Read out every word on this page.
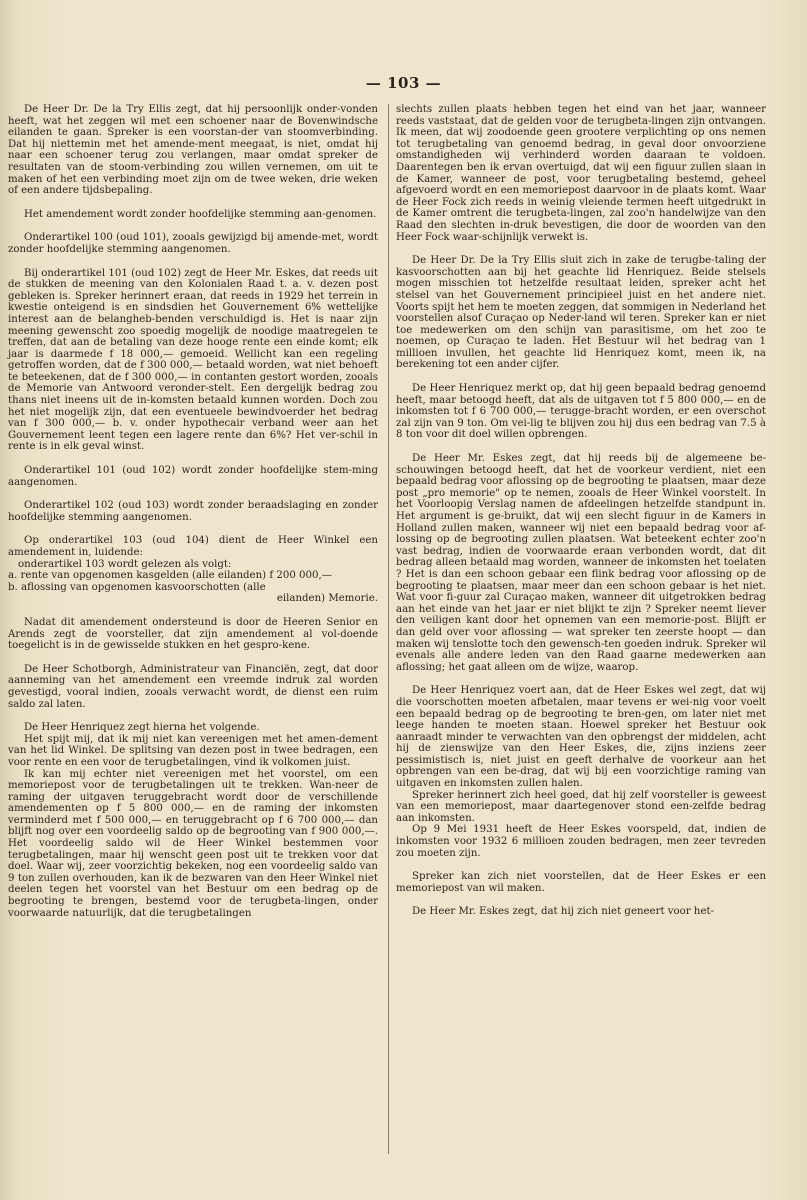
— 103 —

De Heer Dr. De la Try Ellis zegt, dat hij persoonlijk onder-vonden heeft, wat het zeggen wil met een schoener naar de Bovenwindsche eilanden te gaan. Spreker is een voorstan-der van stoomverbinding. Dat hij niettemin met het amende-ment meegaat, is niet, omdat hij naar een schoener terug zou verlangen, maar omdat spreker de resultaten van de stoom-verbinding zou willen vernemen, om uit te maken of het een verbinding moet zijn om de twee weken, drie weken of een andere tijdsbepaling.

Het amendement wordt zonder hoofdelijke stemming aan-genomen.

Onderartikel 100 (oud 101), zooals gewijzigd bij amende-met, wordt zonder hoofdelijke stemming aangenomen.

Bij onderartikel 101 (oud 102) zegt de Heer Mr. Eskes, dat reeds uit de stukken de meening van den Kolonialen Raad t. a. v. dezen post gebleken is. Spreker herinnert eraan, dat reeds in 1929 het terrein in kwestie onteigend is en sindsdien het Gouvernement 6% wettelijke interest aan de belangheb-benden verschuldigd is. Het is naar zijn meening gewenscht zoo spoedig mogelijk de noodige maatregelen te treffen, dat aan de betaling van deze hooge rente een einde komt; elk jaar is daarmede f 18 000,— gemoeid. Wellicht kan een regeling getroffen worden, dat de f 300 000,— betaald worden, wat niet behoeft te beteekenen, dat de f 300 000,— in contanten gestort worden, zooals de Memorie van Antwoord veronder-stelt. Een dergelijk bedrag zou thans niet ineens uit de in-komsten betaald kunnen worden. Doch zou het niet mogelijk zijn, dat een eventueele bewindvoerder het bedrag van f 300 000,— b. v. onder hypothecair verband weer aan het Gouvernement leent tegen een lagere rente dan 6%? Het ver-schil in rente is in elk geval winst.

Onderartikel 101 (oud 102) wordt zonder hoofdelijke stem-ming aangenomen.

Onderartikel 102 (oud 103) wordt zonder beraadslaging en zonder hoofdelijke stemming aangenomen.

Op onderartikel 103 (oud 104) dient de Heer Winkel een amendement in, luidende:

onderartikel 103 wordt gelezen als volgt:
a. rente van opgenomen kasgelden (alle eilanden) f 200 000,—
b. aflossing van opgenomen kasvoorschotten (alle
eilanden) Memorie.

Nadat dit amendement ondersteund is door de Heeren Senior en Arends zegt de voorsteller, dat zijn amendement al vol-doende toegelicht is in de gewisselde stukken en het gespro-kene.

De Heer Schotborgh, Administrateur van Financiën, zegt, dat door aanneming van het amendement een vreemde indruk zal worden gevestigd, vooral indien, zooals verwacht wordt, de dienst een ruim saldo zal laten.

De Heer Henriquez zegt hierna het volgende.

Het spijt mij, dat ik mij niet kan vereenigen met het amen-dement van het lid Winkel. De splitsing van dezen post in twee bedragen, een voor rente en een voor de terugbetalingen, vind ik volkomen juist.

Ik kan mij echter niet vereenigen met het voorstel, om een memoriepost voor de terugbetalingen uit te trekken. Wan-neer de raming der uitgaven teruggebracht wordt door de verschillende amendementen op f 5 800 000,— en de raming der inkomsten verminderd met f 500 000,— en teruggebracht op f 6 700 000,— dan blijft nog over een voordeelig saldo op de begrooting van f 900 000,—. Het voordeelig saldo wil de Heer Winkel bestemmen voor terugbetalingen, maar hij wenscht geen post uit te trekken voor dat doel. Waar wij, zeer voorzichtig bekeken, nog een voordeelig saldo van 9 ton zullen overhouden, kan ik de bezwaren van den Heer Winkel niet deelen tegen het voorstel van het Bestuur om een bedrag op de begrooting te brengen, bestemd voor de terugbeta-lingen, onder voorwaarde natuurlijk, dat die terugbetalingen

slechts zullen plaats hebben tegen het eind van het jaar, wanneer reeds vaststaat, dat de gelden voor de terugbeta-lingen zijn ontvangen. Ik meen, dat wij zoodoende geen grootere verplichting op ons nemen tot terugbetaling van genoemd bedrag, in geval door onvoorziene omstandigheden wij verhinderd worden daaraan te voldoen. Daarentegen ben ik ervan overtuigd, dat wij een figuur zullen slaan in de Kamer, wanneer de post, voor terugbetaling bestemd, geheel afgevoerd wordt en een memoriepost daarvoor in de plaats komt. Waar de Heer Fock zich reeds in weinig vleiende termen heeft uitgedrukt in de Kamer omtrent die terugbeta-lingen, zal zoo'n handelwijze van den Raad den slechten in-druk bevestigen, die door de woorden van den Heer Fock waar-schijnlijk verwekt is.

De Heer Dr. De la Try Ellis sluit zich in zake de terugbe-taling der kasvoorschotten aan bij het geachte lid Henriquez. Beide stelsels mogen misschien tot hetzelfde resultaat leiden, spreker acht het stelsel van het Gouvernement principieel juist en het andere niet. Voorts spijt het hem te moeten zeggen, dat sommigen in Nederland het voorstellen alsof Curaçao op Neder-land wil teren. Spreker kan er niet toe medewerken om den schijn van parasitisme, om het zoo te noemen, op Curaçao te laden. Het Bestuur wil het bedrag van 1 millioen invullen, het geachte lid Henriquez komt, meen ik, na berekening tot een ander cijfer.

De Heer Henriquez merkt op, dat hij geen bepaald bedrag genoemd heeft, maar betoogd heeft, dat als de uitgaven tot f 5 800 000,— en de inkomsten tot f 6 700 000,— terugge-bracht worden, er een overschot zal zijn van 9 ton. Om vei-lig te blijven zou hij dus een bedrag van 7.5 à 8 ton voor dit doel willen opbrengen.

De Heer Mr. Eskes zegt, dat hij reeds bij de algemeene be-schouwingen betoogd heeft, dat het de voorkeur verdient, niet een bepaald bedrag voor aflossing op de begrooting te plaatsen, maar deze post „pro memorie" op te nemen, zooals de Heer Winkel voorstelt. In het Voorloopig Verslag namen de afdeelingen hetzelfde standpunt in. Het argument is ge-bruikt, dat wij een slecht figuur in de Kamers in Holland zullen maken, wanneer wij niet een bepaald bedrag voor af-lossing op de begrooting zullen plaatsen. Wat beteekent echter zoo'n vast bedrag, indien de voorwaarde eraan verbonden wordt, dat dit bedrag alleen betaald mag worden, wanneer de inkomsten het toelaten ? Het is dan een schoon gebaar een flink bedrag voor aflossing op de begrooting te plaatsen, maar meer dan een schoon gebaar is het niet. Wat voor fi-guur zal Curaçao maken, wanneer dit uitgetrokken bedrag aan het einde van het jaar er niet blijkt te zijn ? Spreker neemt liever den veiligen kant door het opnemen van een memorie-post. Blijft er dan geld over voor aflossing — wat spreker ten zeerste hoopt — dan maken wij tenslotte toch den gewensch-ten goeden indruk. Spreker wil evenals alle andere leden van den Raad gaarne medewerken aan aflossing; het gaat alleen om de wijze, waarop.

De Heer Henriquez voert aan, dat de Heer Eskes wel zegt, dat wij die voorschotten moeten afbetalen, maar tevens er wei-nig voor voelt een bepaald bedrag op de begrooting te bren-gen, om later niet met leege handen te moeten staan. Hoewel spreker het Bestuur ook aanraadt minder te verwachten van den opbrengst der middelen, acht hij de zienswijze van den Heer Eskes, die, zijns inziens zeer pessimistisch is, niet juist en geeft derhalve de voorkeur aan het opbrengen van een be-drag, dat wij bij een voorzichtige raming van uitgaven en inkomsten zullen halen.

Spreker herinnert zich heel goed, dat hij zelf voorsteller is geweest van een memoriepost, maar daartegenover stond een-zelfde bedrag aan inkomsten.

Op 9 Mei 1931 heeft de Heer Eskes voorspeld, dat, indien de inkomsten voor 1932 6 millioen zouden bedragen, men zeer tevreden zou moeten zijn.

Spreker kan zich niet voorstellen, dat de Heer Eskes er een memoriepost van wil maken.

De Heer Mr. Eskes zegt, dat hij zich niet geneert voor het-
